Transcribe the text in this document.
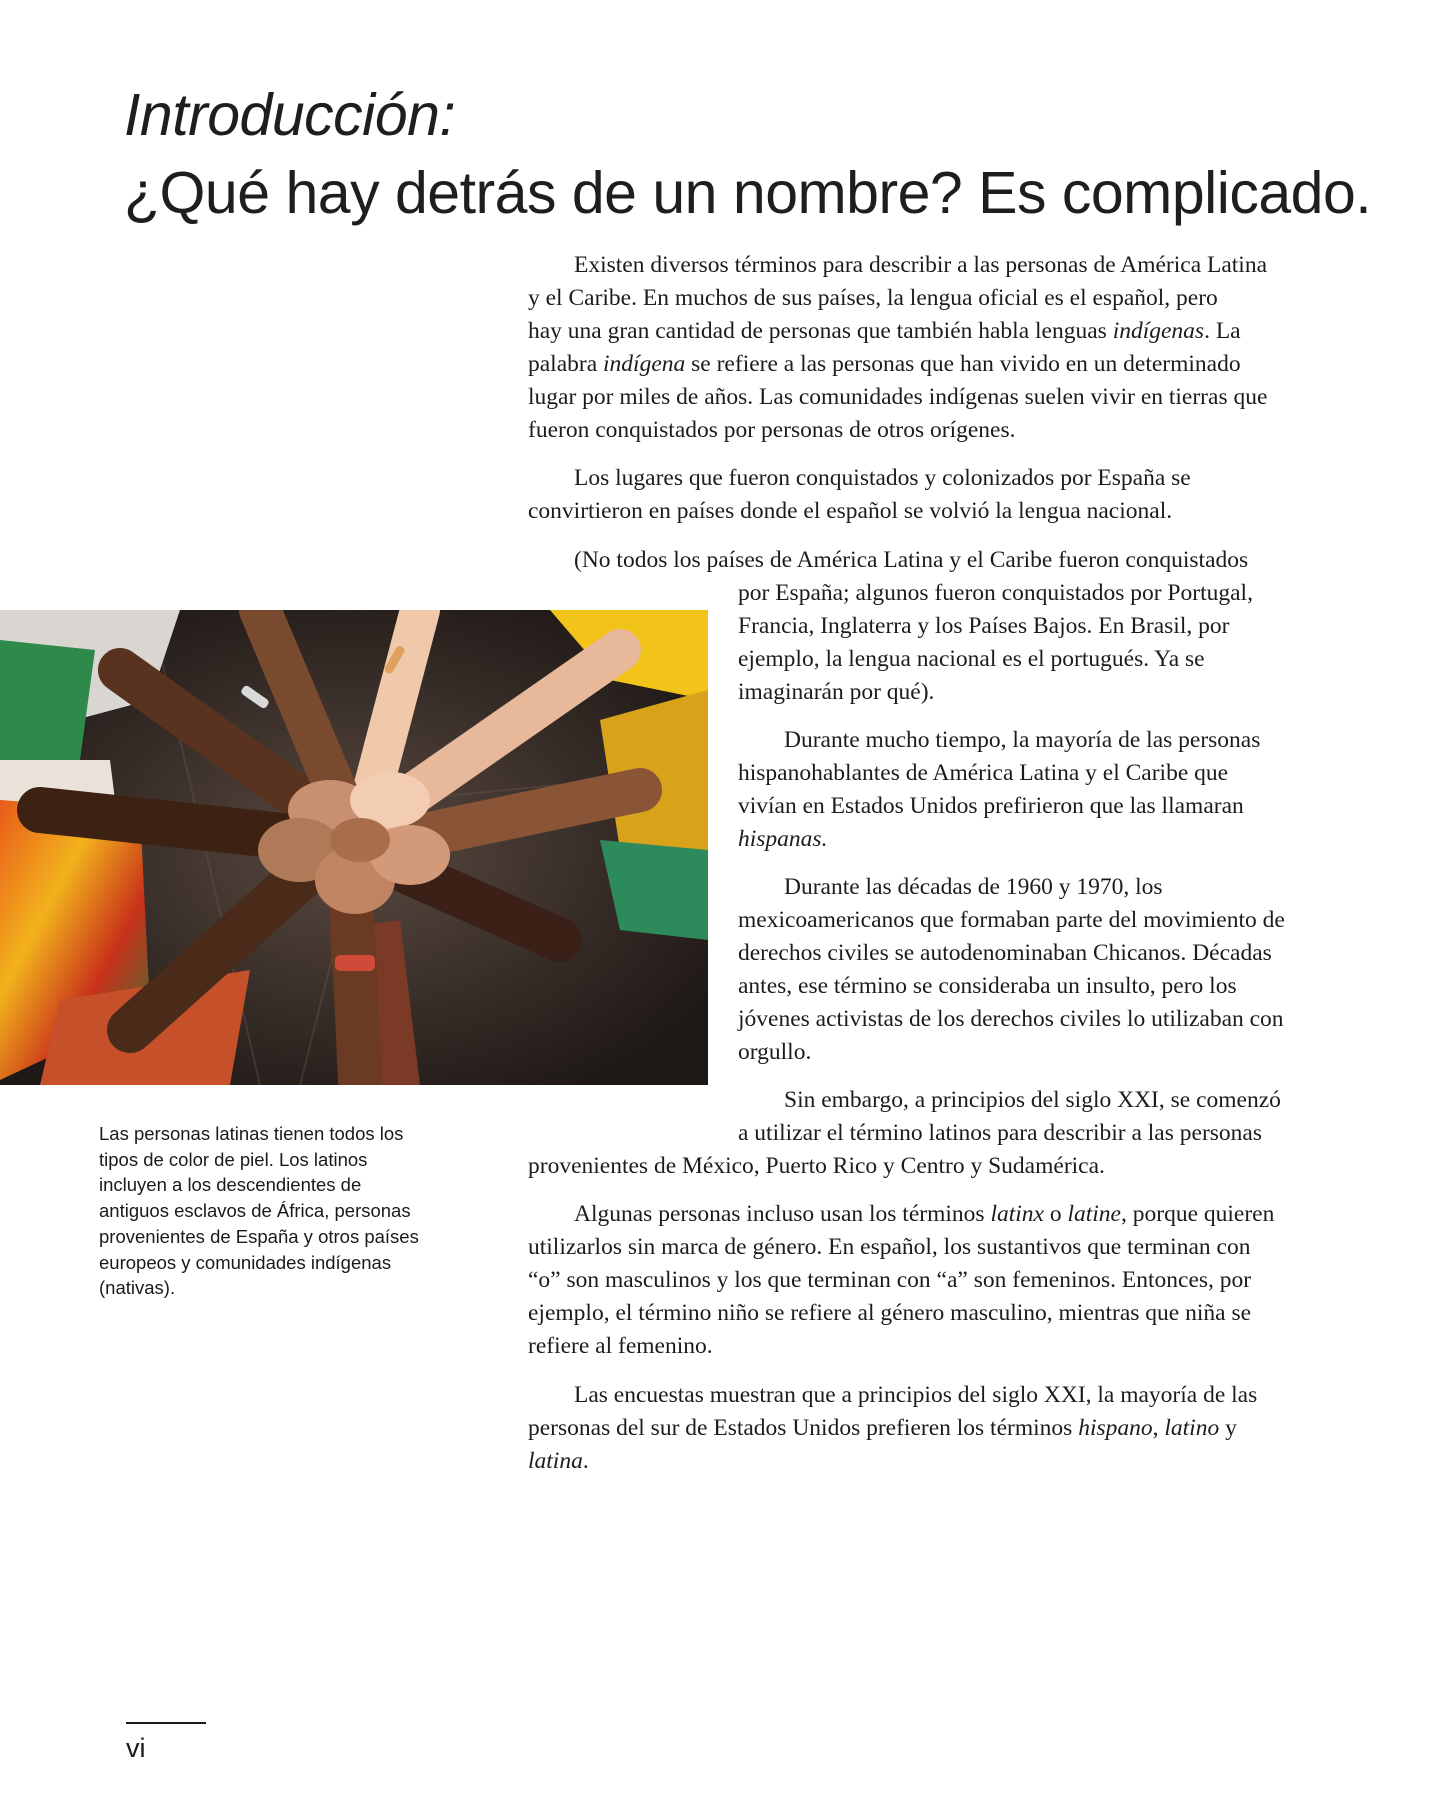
Introducción:
¿Qué hay detrás de un nombre? Es complicado.
Existen diversos términos para describir a las personas de América Latina
y el Caribe. En muchos de sus países, la lengua oficial es el español, pero
hay una gran cantidad de personas que también habla lenguas indígenas. La
palabra indígena se refiere a las personas que han vivido en un determinado
lugar por miles de años. Las comunidades indígenas suelen vivir en tierras que
fueron conquistados por personas de otros orígenes.
Los lugares que fueron conquistados y colonizados por España se
convirtieron en países donde el español se volvió la lengua nacional.
(No todos los países de América Latina y el Caribe fueron conquistados
por España; algunos fueron conquistados por Portugal,
Francia, Inglaterra y los Países Bajos. En Brasil, por
ejemplo, la lengua nacional es el portugués. Ya se
imaginarán por qué).
Durante mucho tiempo, la mayoría de las personas
hispanohablantes de América Latina y el Caribe que
vivían en Estados Unidos prefirieron que las llamaran
hispanas.
Durante las décadas de 1960 y 1970, los
mexicoamericanos que formaban parte del movimiento de
derechos civiles se autodenominaban Chicanos. Décadas
antes, ese término se consideraba un insulto, pero los
jóvenes activistas de los derechos civiles lo utilizaban con
orgullo.
Sin embargo, a principios del siglo XXI, se comenzó
a utilizar el término latinos para describir a las personas
provenientes de México, Puerto Rico y Centro y Sudamérica.
Algunas personas incluso usan los términos latinx o latine, porque quieren
utilizarlos sin marca de género. En español, los sustantivos que terminan con
“o” son masculinos y los que terminan con “a” son femeninos. Entonces, por
ejemplo, el término niño se refiere al género masculino, mientras que niña se
refiere al femenino.
Las encuestas muestran que a principios del siglo XXI, la mayoría de las
personas del sur de Estados Unidos prefieren los términos hispano, latino y
latina.

Las personas latinas tienen todos los tipos de color de piel. Los latinos incluyen a los descendientes de antiguos esclavos de África, personas provenientes de España y otros países europeos y comunidades indígenas (nativas).

vi
